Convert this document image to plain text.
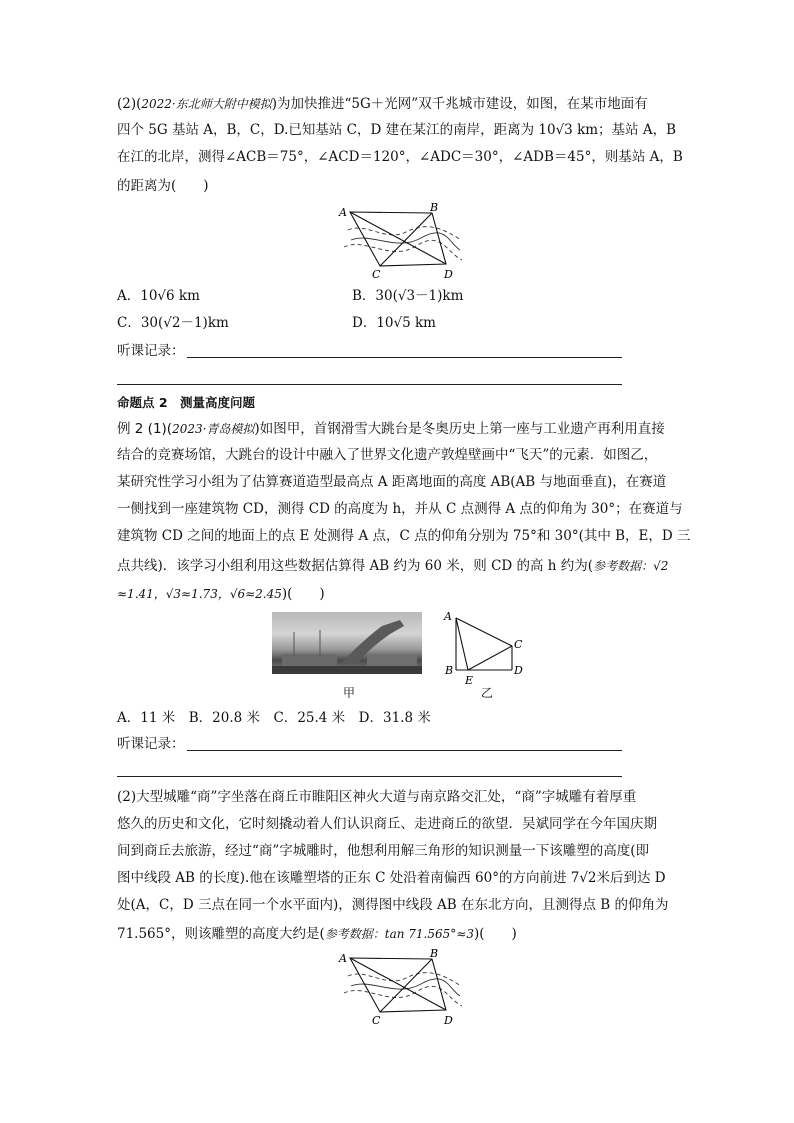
(2)(2022·东北师大附中模拟)为加快推进“5G＋光网”双千兆城市建设，如图，在某市地面有
四个 5G 基站 A，B，C，D.已知基站 C，D 建在某江的南岸，距离为 10√3 km；基站 A，B
在江的北岸，测得∠ACB＝75°，∠ACD＝120°，∠ADC＝30°，∠ADB＝45°，则基站 A，B
的距离为(　　)
A	B
C	D
A．10√6 km	B．30(√3－1)km
C．30(√2－1)km	D．10√5 km
听课记录：
命题点 2　测量高度问题
例 2 (1)(2023·青岛模拟)如图甲，首钢滑雪大跳台是冬奥历史上第一座与工业遗产再利用直接
结合的竞赛场馆，大跳台的设计中融入了世界文化遗产敦煌壁画中“飞天”的元素．如图乙，
某研究性学习小组为了估算赛道造型最高点 A 距离地面的高度 AB(AB 与地面垂直)，在赛道
一侧找到一座建筑物 CD，测得 CD 的高度为 h，并从 C 点测得 A 点的仰角为 30°；在赛道与
建筑物 CD 之间的地面上的点 E 处测得 A 点，C 点的仰角分别为 75°和 30°(其中 B，E，D 三
点共线)．该学习小组利用这些数据估算得 AB 约为 60 米，则 CD 的高 h 约为(参考数据：√2
≈1.41，√3≈1.73，√6≈2.45)(　　)
甲
A
C
B
E
D
乙
A．11 米　B．20.8 米　C．25.4 米　D．31.8 米
听课记录：
(2)大型城雕“商”字坐落在商丘市睢阳区神火大道与南京路交汇处，“商”字城雕有着厚重
悠久的历史和文化，它时刻撬动着人们认识商丘、走进商丘的欲望．吴斌同学在今年国庆期
间到商丘去旅游，经过“商”字城雕时，他想利用解三角形的知识测量一下该雕塑的高度(即
图中线段 AB 的长度).他在该雕塑塔的正东 C 处沿着南偏西 60°的方向前进 7√2米后到达 D
处(A，C，D 三点在同一个水平面内)，测得图中线段 AB 在东北方向，且测得点 B 的仰角为
71.565°，则该雕塑的高度大约是(参考数据：tan 71.565°≈3)(　　)
A	B
C	D
